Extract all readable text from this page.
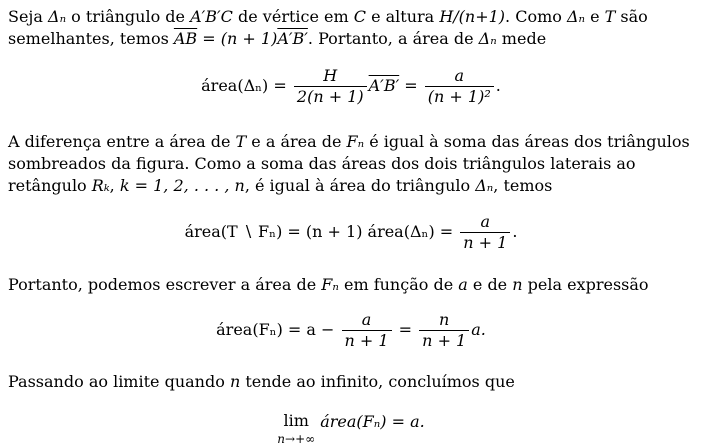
Seja Δₙ o triângulo de A′B′C de vértice em C e altura H/(n+1). Como Δₙ e T são
semelhantes, temos $\overline{AB} = (n + 1)A'B'$. Portanto, a área de Δₙ mede

área(Δₙ) = $\frac{H}{2(n + 1)} A'B' = \frac{a}{\text{(n + 1)²}}$ .

A diferença entre a área de T e a área de Fₙ é igual à soma das áreas dos triângulos sombreados da figura. Como a soma das áreas dos dois triângulos laterais ao retângulo Rₖ, k = 1, 2, . . . , n, é igual à área do triângulo Δₙ, temos

área(T ∖ Fₙ) = (n + 1) área(Δₙ) = $\frac{a}{n + 1}$ .

Portanto, podemos escrever a área de Fₙ em função de a e de n pela expressão

área(Fₙ) = $a - \frac{a}{n + 1} = \frac{n}{n + 1} a$.

Passando ao limite quando n tende ao infinito, concluímos que

lim
n→+∞
área(Fₙ) = a.
